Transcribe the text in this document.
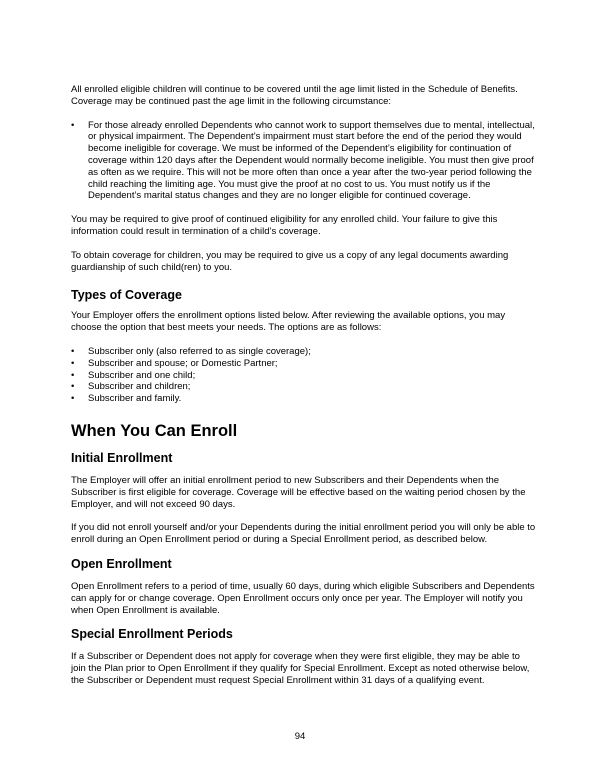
All enrolled eligible children will continue to be covered until the age limit listed in the Schedule of Benefits. Coverage may be continued past the age limit in the following circumstance:

•	For those already enrolled Dependents who cannot work to support themselves due to mental, intellectual, or physical impairment. The Dependent’s impairment must start before the end of the period they would become ineligible for coverage. We must be informed of the Dependent’s eligibility for continuation of coverage within 120 days after the Dependent would normally become ineligible. You must then give proof as often as we require. This will not be more often than once a year after the two-year period following the child reaching the limiting age. You must give the proof at no cost to us. You must notify us if the Dependent’s marital status changes and they are no longer eligible for continued coverage.

You may be required to give proof of continued eligibility for any enrolled child. Your failure to give this information could result in termination of a child’s coverage.

To obtain coverage for children, you may be required to give us a copy of any legal documents awarding guardianship of such child(ren) to you.

Types of Coverage

Your Employer offers the enrollment options listed below. After reviewing the available options, you may choose the option that best meets your needs. The options are as follows:

•	Subscriber only (also referred to as single coverage);
•	Subscriber and spouse; or Domestic Partner;
•	Subscriber and one child;
•	Subscriber and children;
•	Subscriber and family.
When You Can Enroll
Initial Enrollment

The Employer will offer an initial enrollment period to new Subscribers and their Dependents when the Subscriber is first eligible for coverage. Coverage will be effective based on the waiting period chosen by the Employer, and will not exceed 90 days.

If you did not enroll yourself and/or your Dependents during the initial enrollment period you will only be able to enroll during an Open Enrollment period or during a Special Enrollment period, as described below.

Open Enrollment

Open Enrollment refers to a period of time, usually 60 days, during which eligible Subscribers and Dependents can apply for or change coverage. Open Enrollment occurs only once per year. The Employer will notify you when Open Enrollment is available.

Special Enrollment Periods

If a Subscriber or Dependent does not apply for coverage when they were first eligible, they may be able to join the Plan prior to Open Enrollment if they qualify for Special Enrollment. Except as noted otherwise below, the Subscriber or Dependent must request Special Enrollment within 31 days of a qualifying event.

94
